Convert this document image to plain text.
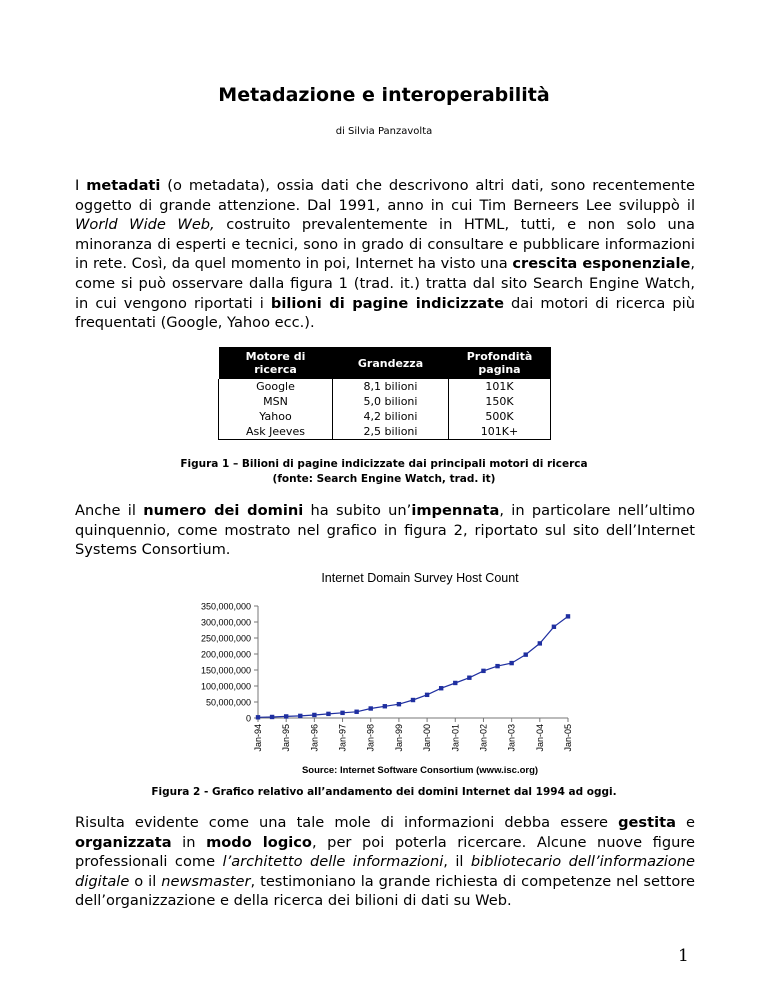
Metadazione e interoperabilità
di Silvia Panzavolta

I metadati (o metadata), ossia dati che descrivono altri dati, sono recentemente oggetto di grande attenzione. Dal 1991, anno in cui Tim Berneers Lee sviluppò il World Wide Web, costruito prevalentemente in HTML, tutti, e non solo una minoranza di esperti e tecnici, sono in grado di consultare e pubblicare informazioni in rete. Così, da quel momento in poi, Internet ha visto una crescita esponenziale, come si può osservare dalla figura 1 (trad. it.) tratta dal sito Search Engine Watch, in cui vengono riportati i bilioni di pagine indicizzate dai motori di ricerca più frequentati (Google, Yahoo ecc.).

Motore di ricerca	Grandezza	Profondità pagina
Google	8,1 bilioni	101K
MSN	5,0 bilioni	150K
Yahoo	4,2 bilioni	500K
Ask Jeeves	2,5 bilioni	101K+
Figura 1 – Bilioni di pagine indicizzate dai principali motori di ricerca
(fonte: Search Engine Watch, trad. it)

Anche il numero dei domini ha subito un’impennata, in particolare nell’ultimo quinquennio, come mostrato nel grafico in figura 2, riportato sul sito dell’Internet Systems Consortium.

Internet Domain Survey Host Count
350,000,000
300,000,000
250,000,000
200,000,000
150,000,000
100,000,000
50,000,000
0
Jan-94 Jan-95 Jan-96 Jan-97 Jan-98 Jan-99 Jan-00 Jan-01 Jan-02 Jan-03 Jan-04 Jan-05
Source: Internet Software Consortium (www.isc.org)
Figura 2 - Grafico relativo all’andamento dei domini Internet dal 1994 ad oggi.

Risulta evidente come una tale mole di informazioni debba essere gestita e organizzata in modo logico, per poi poterla ricercare. Alcune nuove figure professionali come l’architetto delle informazioni, il bibliotecario dell’informazione digitale o il newsmaster, testimoniano la grande richiesta di competenze nel settore dell’organizzazione e della ricerca dei bilioni di dati su Web.

1
